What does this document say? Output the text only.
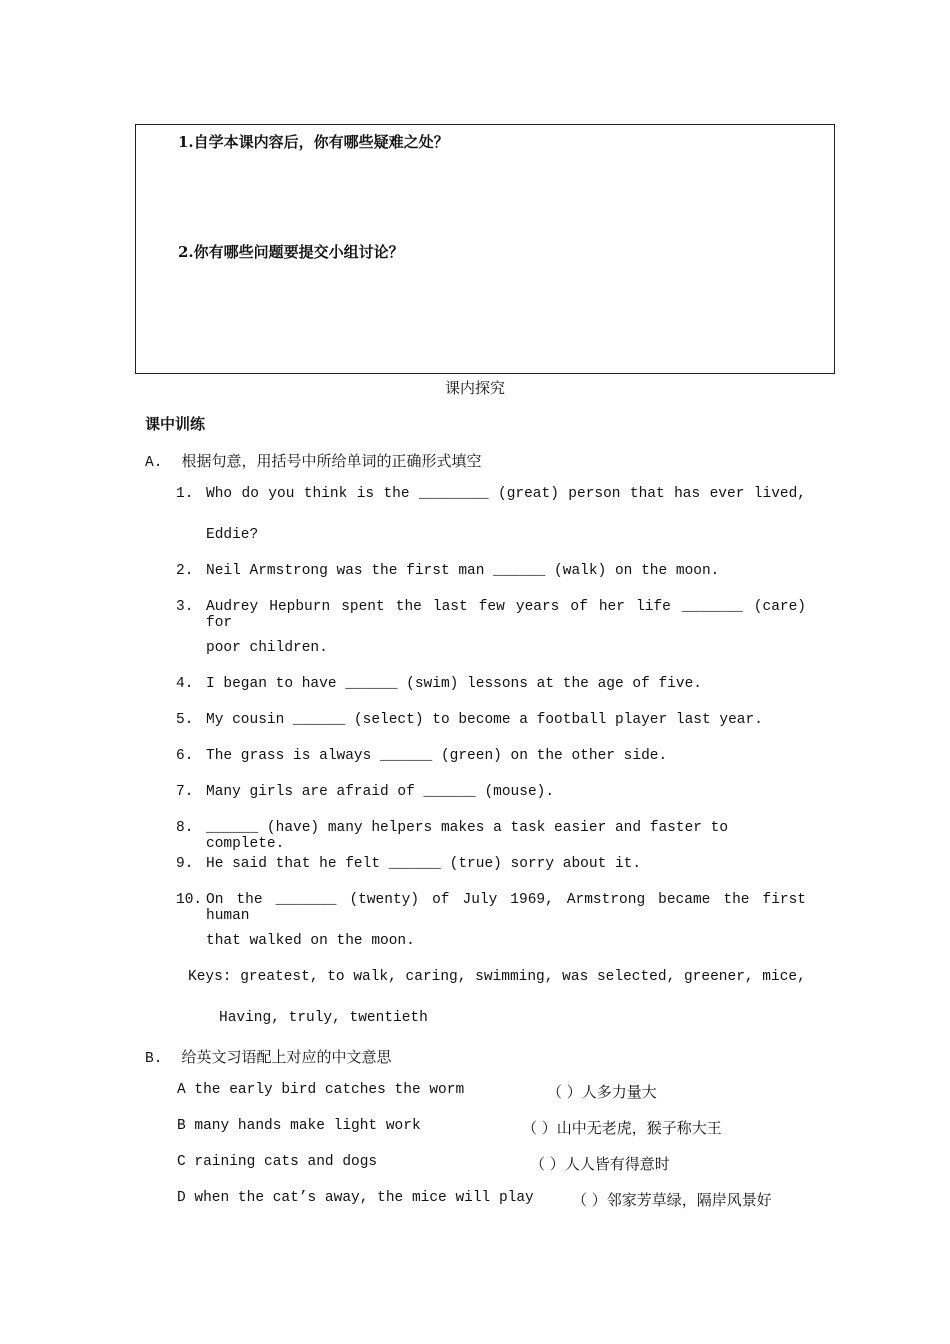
1.自学本课内容后，你有哪些疑难之处？
2.你有哪些问题要提交小组讨论？
课内探究
课中训练
A. 根据句意，用括号中所给单词的正确形式填空
1. Who do you think is the ________ (great) person that has ever lived,
Eddie?
2. Neil Armstrong was the first man ______ (walk) on the moon.
3. Audrey Hepburn spent the last few years of her life _______ (care) for
poor children.
4. I began to have ______ (swim) lessons at the age of five.
5. My cousin ______ (select) to become a football player last year.
6. The grass is always ______ (green) on the other side.
7. Many girls are afraid of ______ (mouse).
8. ______ (have) many helpers makes a task easier and faster to complete.
9. He said that he felt ______ (true) sorry about it.
10. On the _______ (twenty) of July 1969, Armstrong became the first human
that walked on the moon.
Keys: greatest, to walk, caring, swimming, was selected, greener, mice,
Having, truly, twentieth
B. 给英文习语配上对应的中文意思
A the early bird catches the worm	（ ）人多力量大
B many hands make light work	（ ）山中无老虎，猴子称大王
C raining cats and dogs	（ ）人人皆有得意时
D when the cat’s away, the mice will play	（ ）邻家芳草绿，隔岸风景好
